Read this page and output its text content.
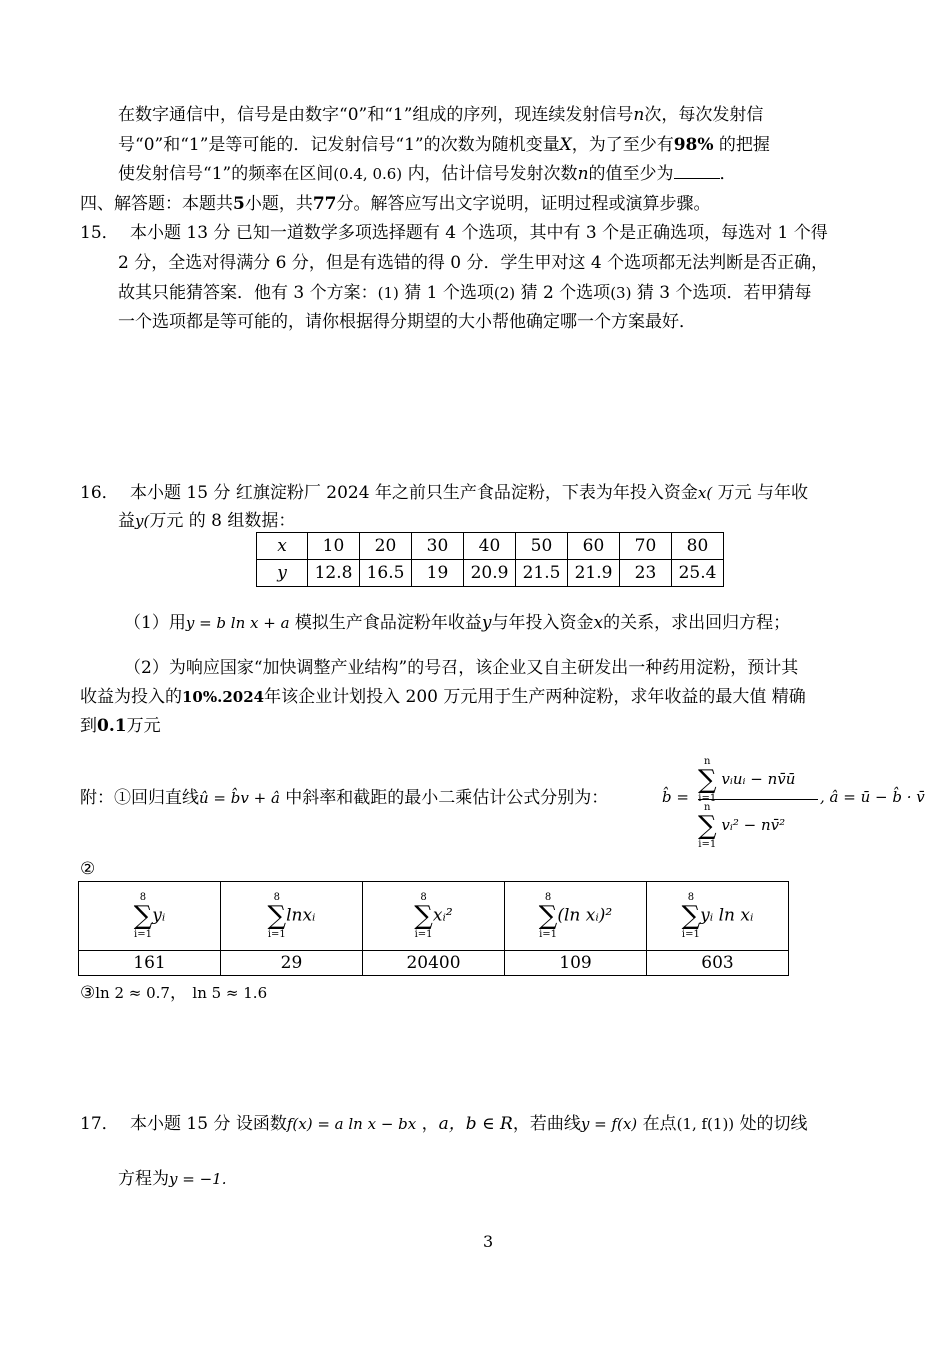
在数字通信中，信号是由数字“0”和“1”组成的序列，现连续发射信号n次，每次发射信
号“0”和“1”是等可能的．记发射信号“1”的次数为随机变量X，为了至少有98% 的把握
使发射信号“1”的频率在区间(0.4, 0.6) 内，估计信号发射次数n的值至少为	．
四、解答题：本题共5小题，共77分。解答应写出文字说明，证明过程或演算步骤。
15． 本小题 13 分 已知一道数学多项选择题有 4 个选项，其中有 3 个是正确选项，每选对 1 个得
2 分，全选对得满分 6 分，但是有选错的得 0 分．学生甲对这 4 个选项都无法判断是否正确，
故其只能猜答案．他有 3 个方案：(1) 猜 1 个选项(2) 猜 2 个选项(3) 猜 3 个选项．若甲猜每
一个选项都是等可能的，请你根据得分期望的大小帮他确定哪一个方案最好．
16． 本小题 15 分 红旗淀粉厂 2024 年之前只生产食品淀粉，下表为年投入资金x( 万元 与年收
益y(万元 的 8 组数据：
x	10	20	30	40	50	60	70	80
y	12.8	16.5	19	20.9	21.5	21.9	23	25.4
（1）用y = b ln x + a 模拟生产食品淀粉年收益y与年投入资金x的关系，求出回归方程；
（2）为响应国家“加快调整产业结构”的号召，该企业又自主研发出一种药用淀粉，预计其
收益为投入的10%.2024年该企业计划投入 200 万元用于生产两种淀粉，求年收益的最大值 精确
到0.1万元
附：①回归直线û = b̂v + â 中斜率和截距的最小二乘估计公式分别为：	b̂ =
n
∑ vᵢuᵢ − nv̄ū
n
∑
i=1
vᵢ² − nv̄²
, â = ū − b̂ · v̄
②
8
∑
i=1
yᵢ	8
∑
i=1
lnxᵢ	8
∑
i=1
xᵢ²	8
∑
i=1
(ln xᵢ)²	8
∑
i=1
yᵢ ln xᵢ
161	29	20400	109	603
③ln 2 ≈ 0.7， ln 5 ≈ 1.6
17． 本小题 15 分 设函数f(x) = a ln x − bx ，a，b ∈ R，若曲线y = f(x) 在点(1, f(1)) 处的切线
方程为y = −1.
3
